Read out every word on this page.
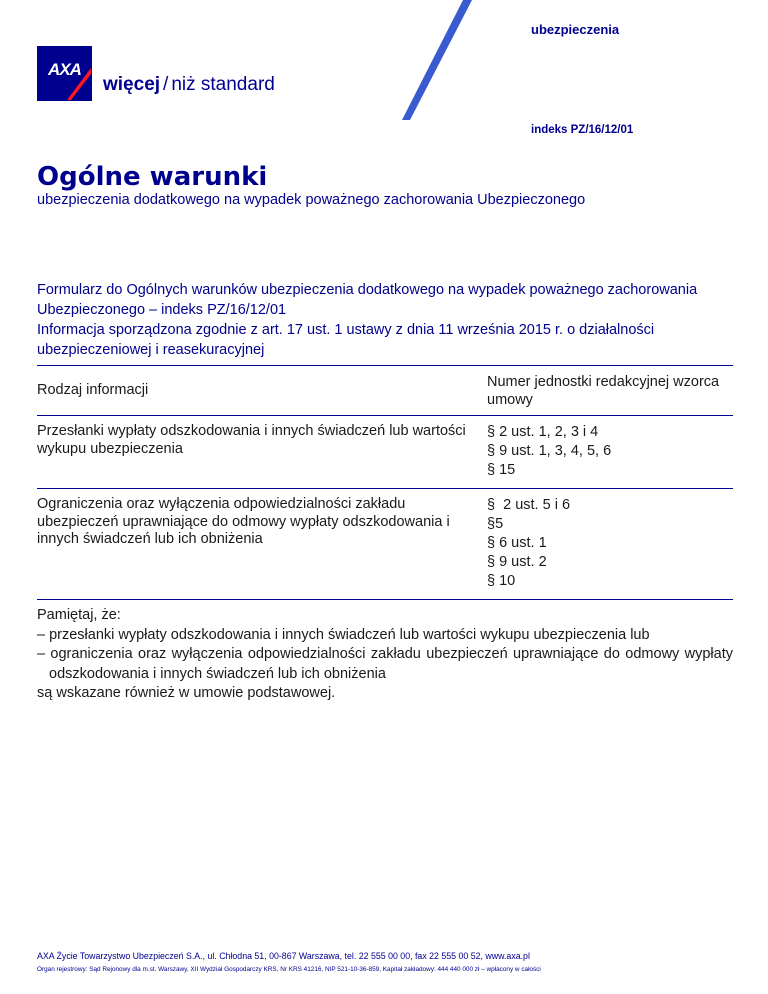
AXA
więcej / niż standard
ubezpieczenia
indeks PZ/16/12/01
Ogólne warunki
ubezpieczenia dodatkowego na wypadek poważnego zachorowania Ubezpieczonego

Formularz do Ogólnych warunków ubezpieczenia dodatkowego na wypadek poważnego zachorowania Ubezpieczonego – indeks PZ/16/12/01

Informacja sporządzona zgodnie z art. 17 ust. 1 ustawy z dnia 11 września 2015 r. o działalności ubezpieczeniowej i reasekuracyjnej

Rodzaj informacji	Numer jednostki redakcyjnej wzorca umowy
Przesłanki wypłaty odszkodowania i innych świadczeń lub wartości wykupu ubezpieczenia	§ 2 ust. 1, 2, 3 i 4
§ 9 ust. 1, 3, 4, 5, 6
§ 15

Ograniczenia oraz wyłączenia odpowiedzialności zakładu ubezpieczeń uprawniające do odmowy wypłaty odszkodowania i innych świadczeń lub ich obniżenia	§  2 ust. 5 i 6
§5
§ 6 ust. 1
§ 9 ust. 2
§ 10

Pamiętaj, że:

– przesłanki wypłaty odszkodowania i innych świadczeń lub wartości wykupu ubezpieczenia lub

– ograniczenia oraz wyłączenia odpowiedzialności zakładu ubezpieczeń uprawniające do odmowy wypłaty odszkodowania i innych świadczeń lub ich obniżenia

są wskazane również w umowie podstawowej.

AXA Życie Towarzystwo Ubezpieczeń S.A., ul. Chłodna 51, 00-867 Warszawa, tel. 22 555 00 00, fax 22 555 00 52, www.axa.pl
Organ rejestrowy: Sąd Rejonowy dla m.st. Warszawy, XII Wydział Gospodarczy KRS, Nr KRS 41216, NIP 521-10-36-859, Kapitał zakładowy: 444 440 000 zł – wpłacony w całości
